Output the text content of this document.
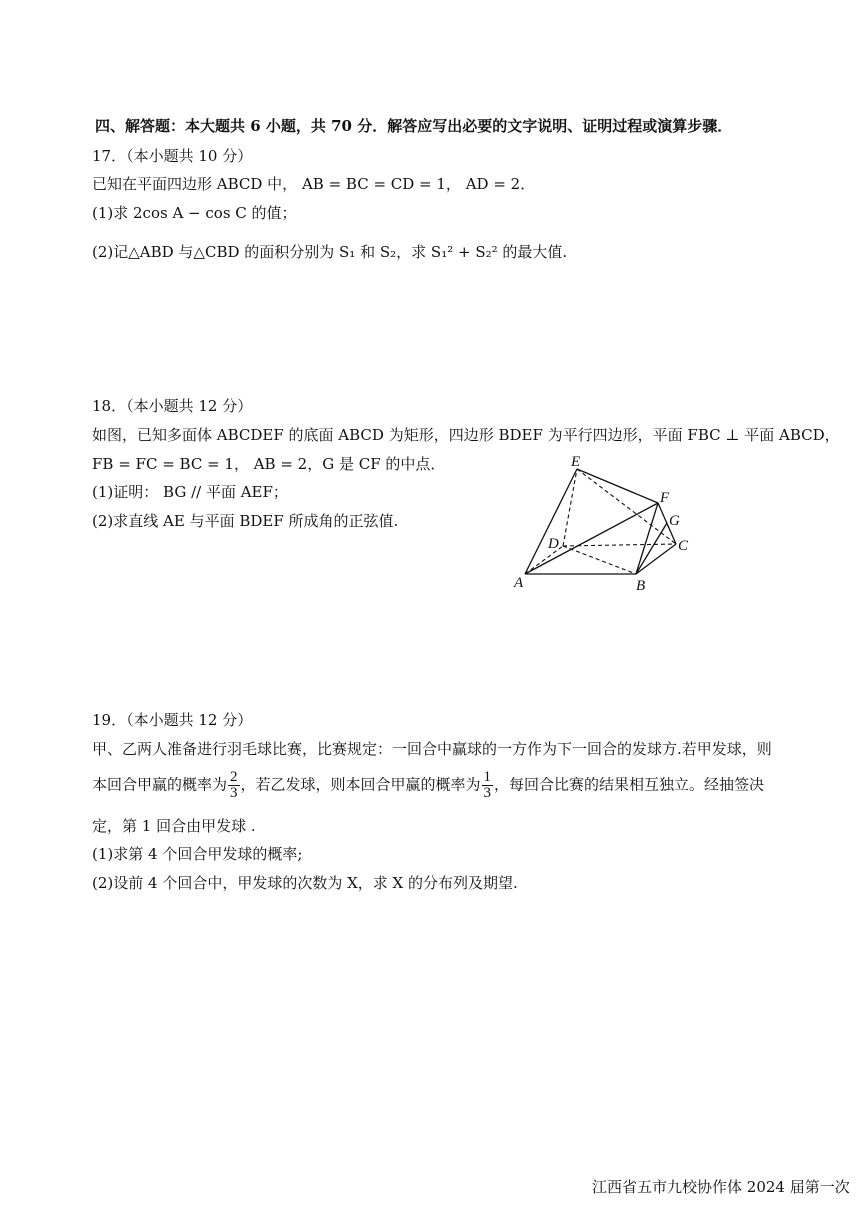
四、解答题：本大题共 6 小题，共 70 分．解答应写出必要的文字说明、证明过程或演算步骤．
17．（本小题共 10 分）
已知在平面四边形 ABCD 中， AB = BC = CD = 1， AD = 2．
(1)求 2cos A − cos C 的值；
(2)记△ABD 与△CBD 的面积分别为 S₁ 和 S₂，求 S₁² + S₂² 的最大值.
18．（本小题共 12 分）
如图，已知多面体 ABCDEF 的底面 ABCD 为矩形，四边形 BDEF 为平行四边形，平面 FBC ⊥ 平面 ABCD，
FB = FC = BC = 1， AB = 2，G 是 CF 的中点．
(1)证明： BG // 平面 AEF；
(2)求直线 AE 与平面 BDEF 所成角的正弦值.
E
F
G
D	C
A	B
19．（本小题共 12 分）
甲、乙两人准备进行羽毛球比赛，比赛规定：一回合中赢球的一方作为下一回合的发球方.若甲发球，则
本回合甲赢的概率为 $\frac{2}{3}$ ，若乙发球，则本回合甲赢的概率为 $\frac{1}{3}$ ，每回合比赛的结果相互独立。经抽签决
定，第 1 回合由甲发球 .
(1)求第 4 个回合甲发球的概率;
(2)设前 4 个回合中，甲发球的次数为 X，求 X 的分布列及期望.
江西省五市九校协作体 2024 届第一次
